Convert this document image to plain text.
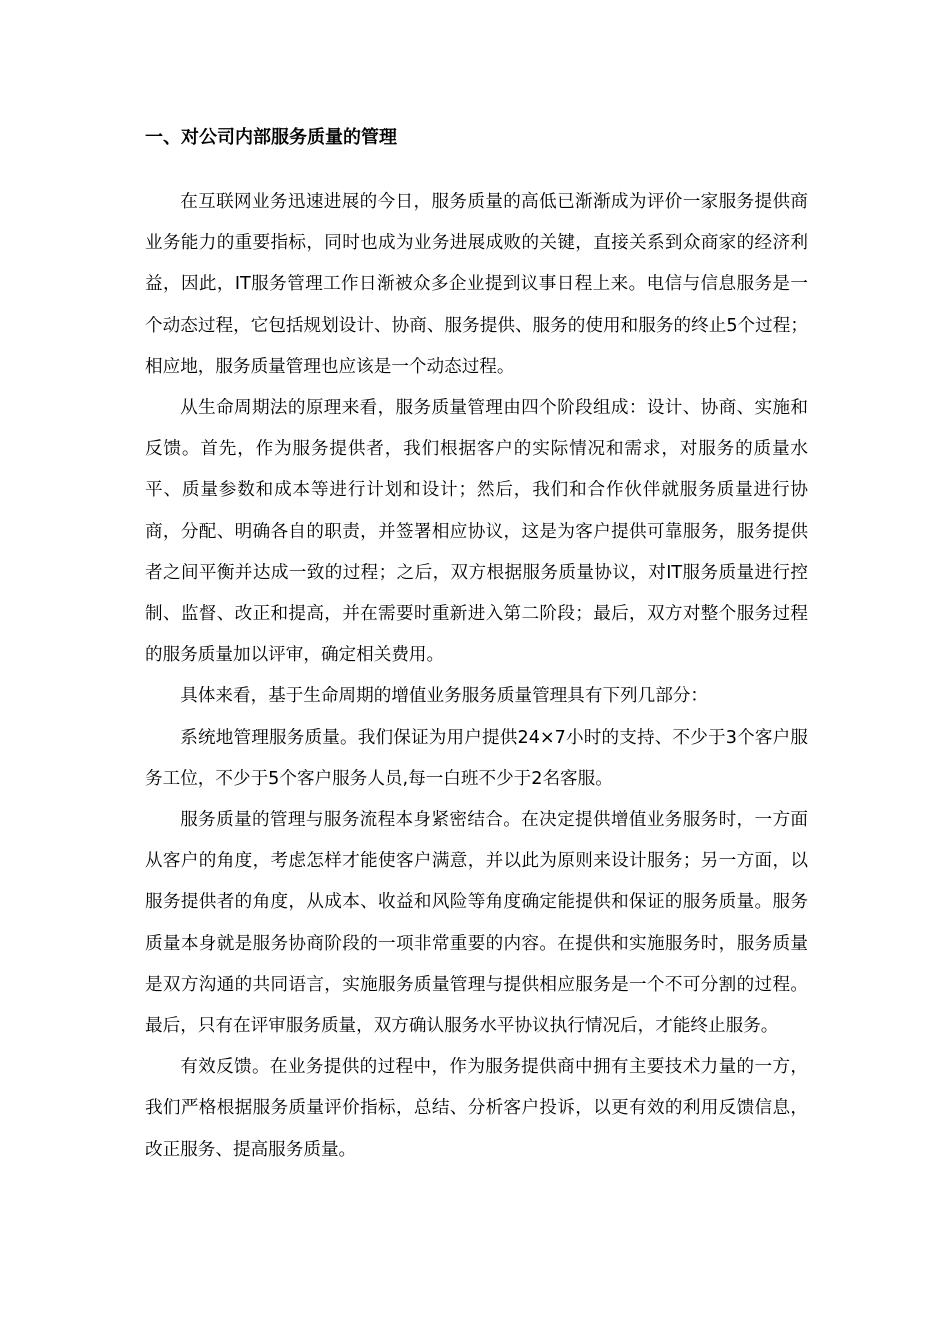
一、对公司内部服务质量的管理

在互联网业务迅速进展的今日，服务质量的高低已渐渐成为评价一家服务提供商业务能力的重要指标，同时也成为业务进展成败的关键，直接关系到众商家的经济利益，因此，IT服务管理工作日渐被众多企业提到议事日程上来。电信与信息服务是一个动态过程，它包括规划设计、协商、服务提供、服务的使用和服务的终止5个过程；相应地，服务质量管理也应该是一个动态过程。

从生命周期法的原理来看，服务质量管理由四个阶段组成：设计、协商、实施和反馈。首先，作为服务提供者，我们根据客户的实际情况和需求，对服务的质量水平、质量参数和成本等进行计划和设计；然后，我们和合作伙伴就服务质量进行协商，分配、明确各自的职责，并签署相应协议，这是为客户提供可靠服务，服务提供者之间平衡并达成一致的过程；之后，双方根据服务质量协议，对IT服务质量进行控制、监督、改正和提高，并在需要时重新进入第二阶段；最后，双方对整个服务过程的服务质量加以评审，确定相关费用。

具体来看，基于生命周期的增值业务服务质量管理具有下列几部分：

系统地管理服务质量。我们保证为用户提供24×7小时的支持、不少于3个客户服务工位，不少于5个客户服务人员,每一白班不少于2名客服。

服务质量的管理与服务流程本身紧密结合。在决定提供增值业务服务时，一方面从客户的角度，考虑怎样才能使客户满意，并以此为原则来设计服务；另一方面，以服务提供者的角度，从成本、收益和风险等角度确定能提供和保证的服务质量。服务质量本身就是服务协商阶段的一项非常重要的内容。在提供和实施服务时，服务质量是双方沟通的共同语言，实施服务质量管理与提供相应服务是一个不可分割的过程。最后，只有在评审服务质量，双方确认服务水平协议执行情况后，才能终止服务。

有效反馈。在业务提供的过程中，作为服务提供商中拥有主要技术力量的一方，我们严格根据服务质量评价指标，总结、分析客户投诉，以更有效的利用反馈信息，改正服务、提高服务质量。
